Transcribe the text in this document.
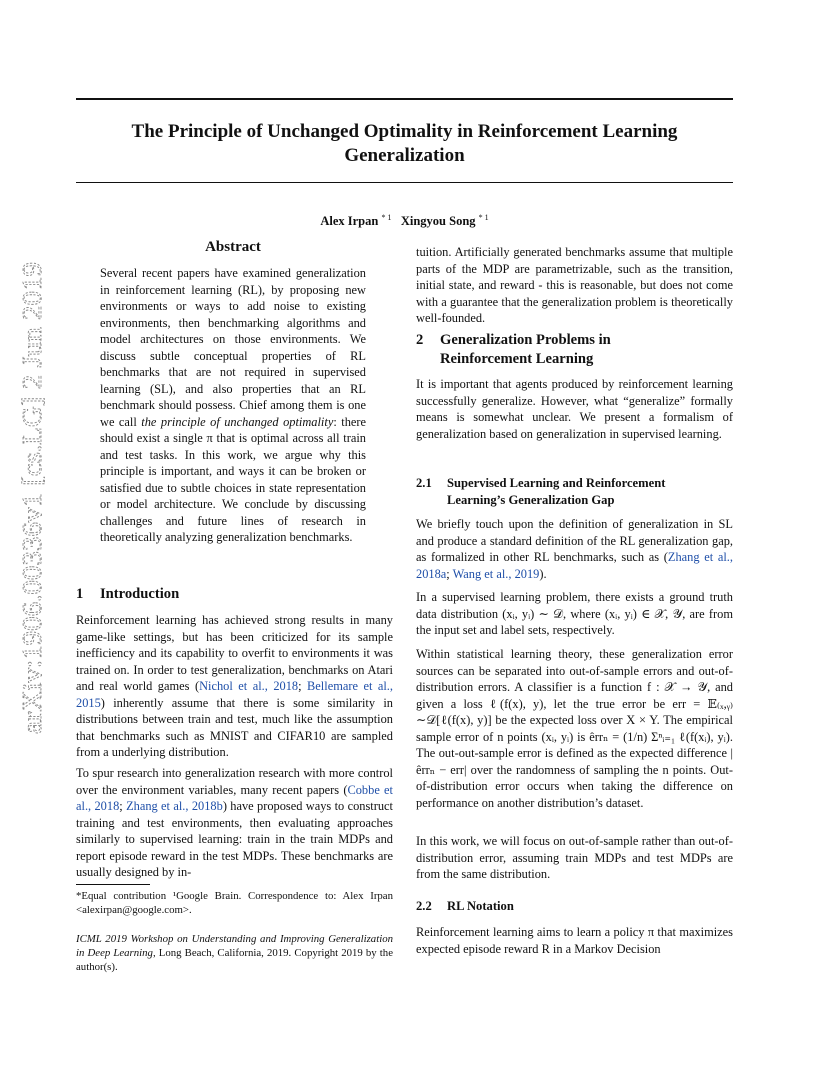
The Principle of Unchanged Optimality in Reinforcement Learning
Generalization
Alex Irpan $^{* 1}$ Xingyou Song $^{* 1}$
arXiv:1906.00336v1 [cs.LG] 2 Jun 2019
Abstract

Several recent papers have examined generalization in reinforcement learning (RL), by proposing new environments or ways to add noise to existing environments, then benchmarking algorithms and model architectures on those environments. We discuss subtle conceptual properties of RL benchmarks that are not required in supervised learning (SL), and also properties that an RL benchmark should possess. Chief among them is one we call the principle of unchanged optimality: there should exist a single π that is optimal across all train and test tasks. In this work, we argue why this principle is important, and ways it can be broken or satisfied due to subtle choices in state representation or model architecture. We conclude by discussing challenges and future lines of research in theoretically analyzing generalization benchmarks.

1 Introduction

Reinforcement learning has achieved strong results in many game-like settings, but has been criticized for its sample inefficiency and its capability to overfit to environments it was trained on. In order to test generalization, benchmarks on Atari and real world games (Nichol et al., 2018; Bellemare et al., 2015) inherently assume that there is some similarity in distributions between train and test, much like the assumption that benchmarks such as MNIST and CIFAR10 are sampled from a underlying distribution.

To spur research into generalization research with more control over the environment variables, many recent papers (Cobbe et al., 2018; Zhang et al., 2018b) have proposed ways to construct training and test environments, then evaluating approaches similarly to supervised learning: train in the train MDPs and report episode reward in the test MDPs. These benchmarks are usually designed by in-

*Equal contribution ¹Google Brain. Correspondence to: Alex Irpan <alexirpan@google.com>.
ICML 2019 Workshop on Understanding and Improving Generalization in Deep Learning, Long Beach, California, 2019. Copyright 2019 by the author(s).

tuition. Artificially generated benchmarks assume that multiple parts of the MDP are parametrizable, such as the transition, initial state, and reward - this is reasonable, but does not come with a guarantee that the generalization problem is theoretically well-founded.

2 Generalization Problems in
Reinforcement Learning

It is important that agents produced by reinforcement learning successfully generalize. However, what “generalize” formally means is somewhat unclear. We present a formalism of generalization based on generalization in supervised learning.

2.1 Supervised Learning and Reinforcement
Learning’s Generalization Gap

We briefly touch upon the definition of generalization in SL and produce a standard definition of the RL generalization gap, as formalized in other RL benchmarks, such as (Zhang et al., 2018a; Wang et al., 2019).

In a supervised learning problem, there exists a ground truth data distribution (xᵢ, yᵢ) ∼ 𝒟, where (xᵢ, yᵢ) ∈ 𝒳, 𝒴, are from the input set and label sets, respectively.

Within statistical learning theory, these generalization error sources can be separated into out-of-sample errors and out-of-distribution errors. A classifier is a function f : 𝒳 → 𝒴, and given a loss ℓ(f(x), y), let the true error be err = 𝔼₍ₓ,ᵧ₎∼𝒟[ℓ(f(x), y)] be the expected loss over X × Y. The empirical sample error of n points (xᵢ, yᵢ) is êrrₙ = (1/n) Σⁿᵢ₌₁ ℓ(f(xᵢ), yᵢ). The out-out-sample error is defined as the expected difference |êrrₙ − err| over the randomness of sampling the n points. Out-of-distribution error occurs when taking the difference on performance on another distribution’s dataset.

In this work, we will focus on out-of-sample rather than out-of-distribution error, assuming train MDPs and test MDPs are from the same distribution.

2.2 RL Notation

Reinforcement learning aims to learn a policy π that maximizes expected episode reward R in a Markov Decision
